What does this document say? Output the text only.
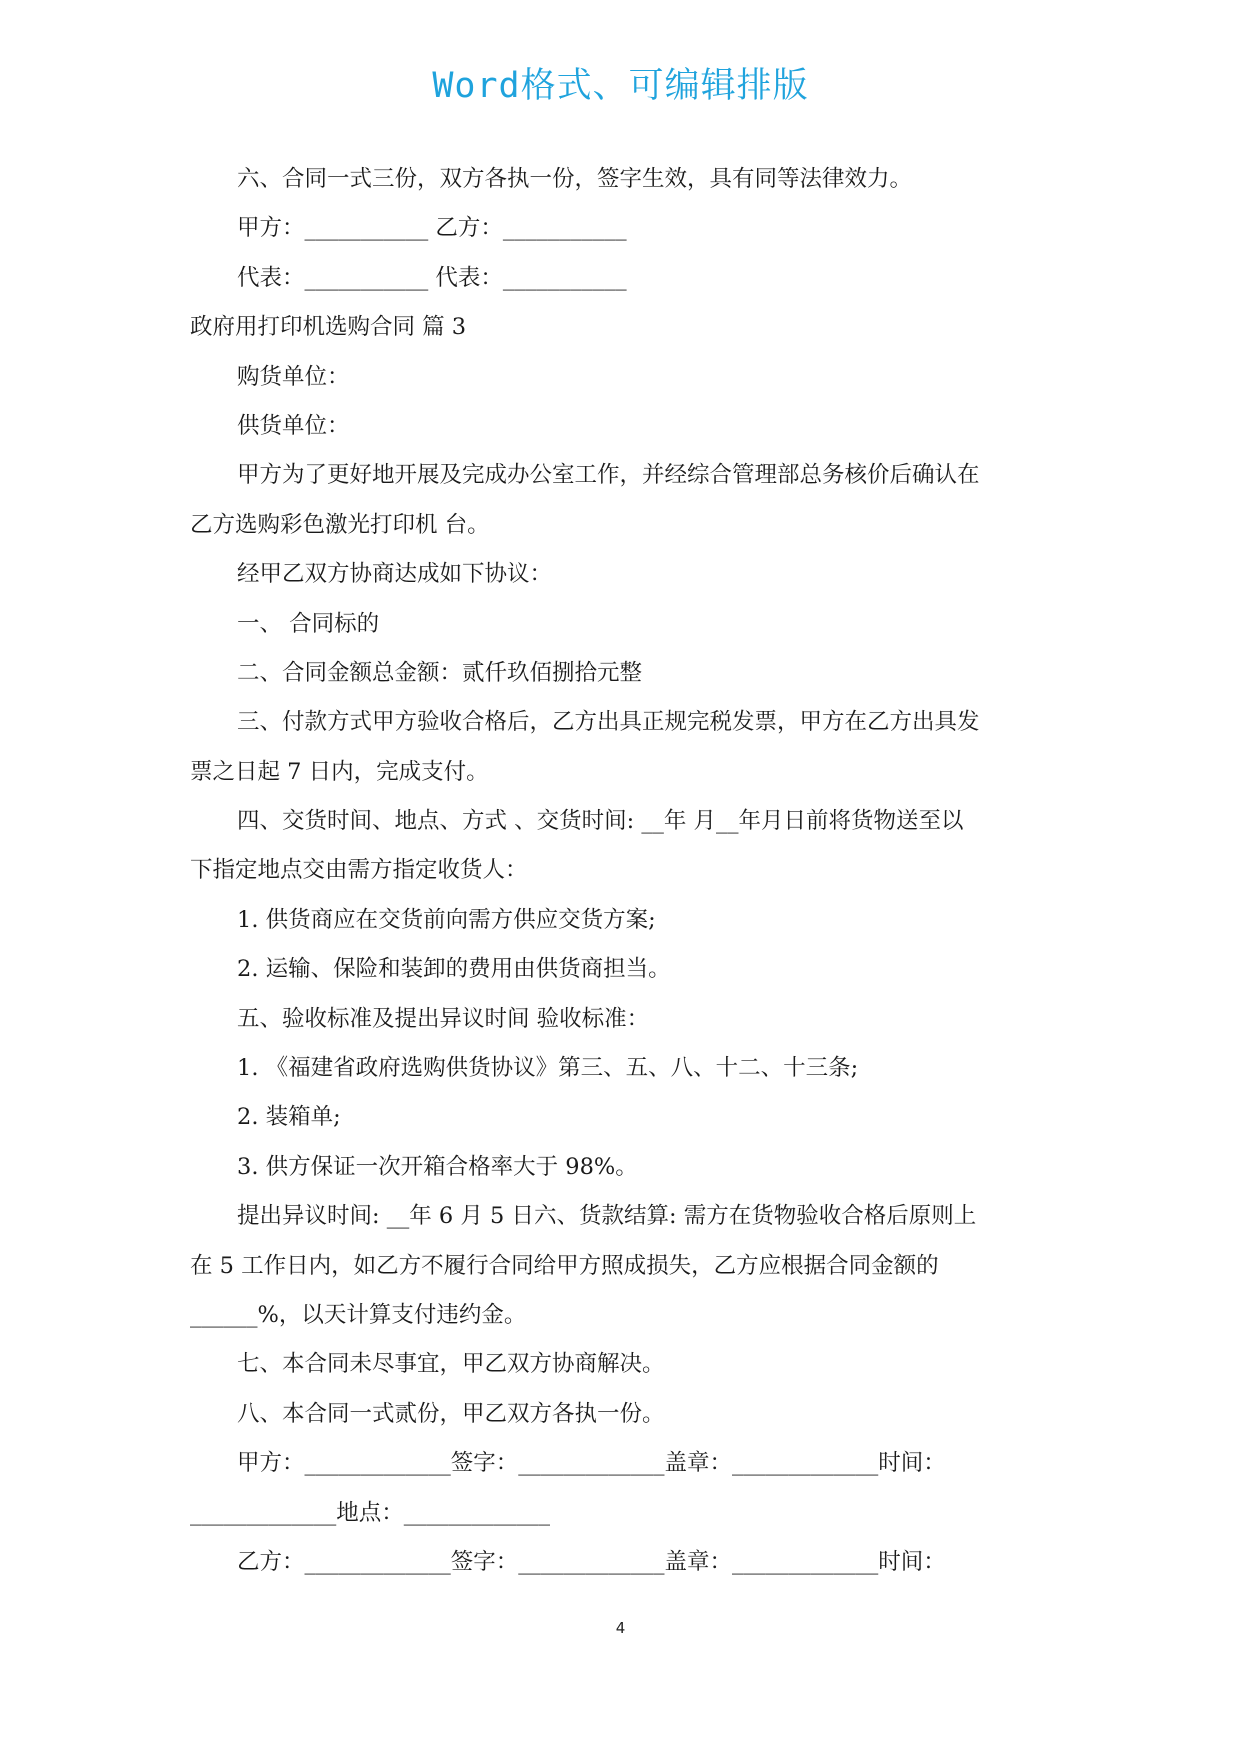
Word格式、可编辑排版
六、合同一式三份，双方各执一份，签字生效，具有同等法律效力。
甲方：___________ 乙方：___________
代表：___________ 代表：___________
政府用打印机选购合同 篇 3
购货单位：
供货单位：
甲方为了更好地开展及完成办公室工作，并经综合管理部总务核价后确认在
乙方选购彩色激光打印机 台。
经甲乙双方协商达成如下协议：
一、 合同标的
二、合同金额总金额：贰仟玖佰捌拾元整
三、付款方式甲方验收合格后，乙方出具正规完税发票，甲方在乙方出具发
票之日起 7 日内，完成支付。
四、交货时间、地点、方式 、交货时间: __年 月__年月日前将货物送至以
下指定地点交由需方指定收货人：
1. 供货商应在交货前向需方供应交货方案;
2. 运输、保险和装卸的费用由供货商担当。
五、验收标准及提出异议时间 验收标准：
1. 《福建省政府选购供货协议》第三、五、八、十二、十三条;
2. 装箱单;
3. 供方保证一次开箱合格率大于 98%。
提出异议时间: __年 6 月 5 日六、货款结算: 需方在货物验收合格后原则上
在 5 工作日内，如乙方不履行合同给甲方照成损失，乙方应根据合同金额的
______%，以天计算支付违约金。
七、本合同未尽事宜，甲乙双方协商解决。
八、本合同一式贰份，甲乙双方各执一份。
甲方：_____________签字：_____________盖章：_____________时间：
_____________地点：_____________
乙方：_____________签字：_____________盖章：_____________时间：
4
